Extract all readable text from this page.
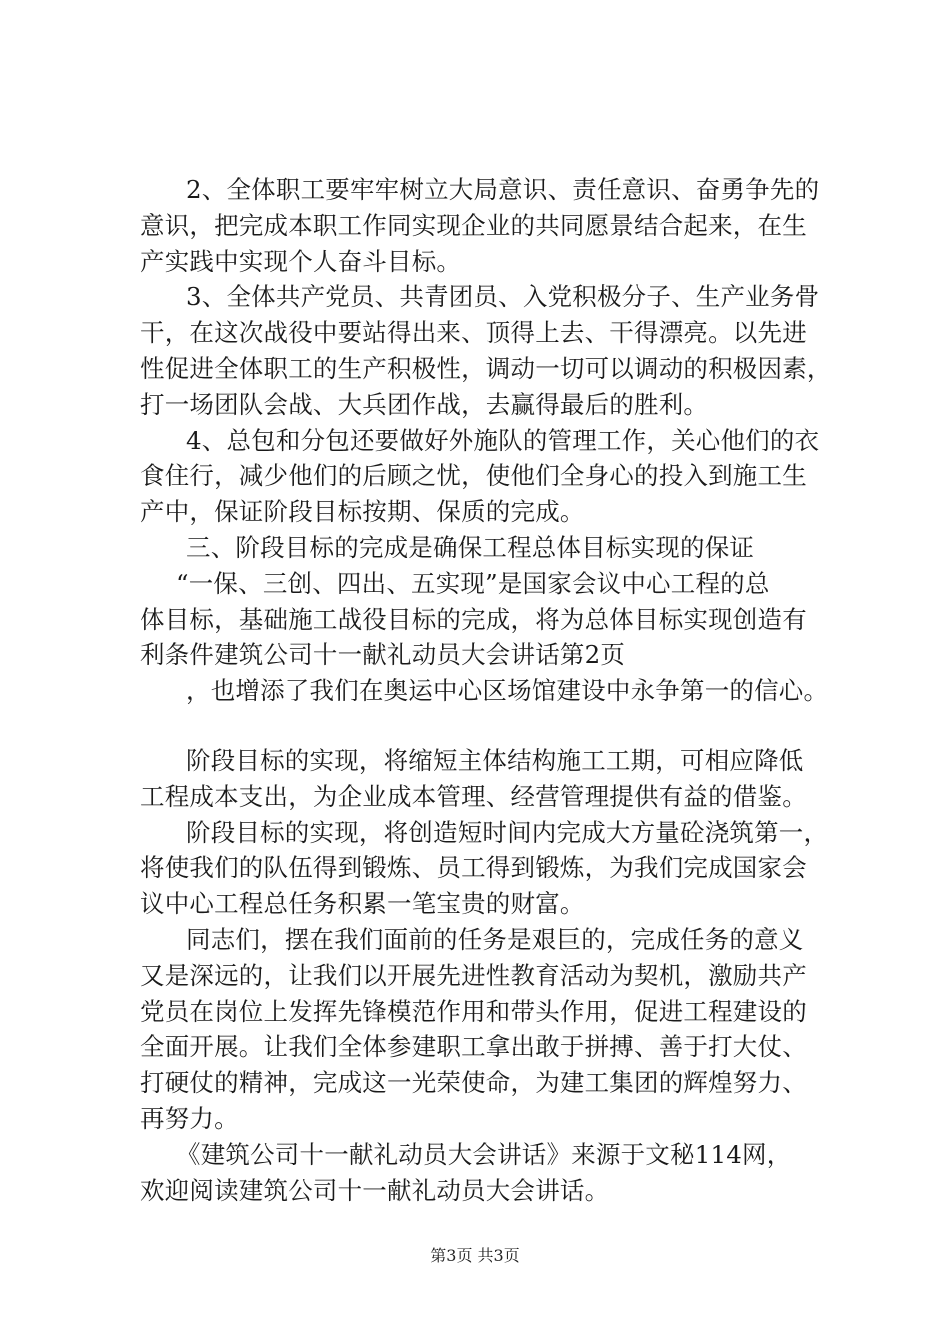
2、全体职工要牢牢树立大局意识、责任意识、奋勇争先的
意识，把完成本职工作同实现企业的共同愿景结合起来，在生
产实践中实现个人奋斗目标。
3、全体共产党员、共青团员、入党积极分子、生产业务骨
干，在这次战役中要站得出来、顶得上去、干得漂亮。以先进
性促进全体职工的生产积极性，调动一切可以调动的积极因素，
打一场团队会战、大兵团作战，去赢得最后的胜利。
4、总包和分包还要做好外施队的管理工作，关心他们的衣
食住行，减少他们的后顾之忧，使他们全身心的投入到施工生
产中，保证阶段目标按期、保质的完成。
三、阶段目标的完成是确保工程总体目标实现的保证
“一保、三创、四出、五实现”是国家会议中心工程的总
体目标，基础施工战役目标的完成，将为总体目标实现创造有
利条件建筑公司十一献礼动员大会讲话第2页
，也增添了我们在奥运中心区场馆建设中永争第一的信心。
阶段目标的实现，将缩短主体结构施工工期，可相应降低
工程成本支出，为企业成本管理、经营管理提供有益的借鉴。
阶段目标的实现，将创造短时间内完成大方量砼浇筑第一，
将使我们的队伍得到锻炼、员工得到锻炼，为我们完成国家会
议中心工程总任务积累一笔宝贵的财富。
同志们，摆在我们面前的任务是艰巨的，完成任务的意义
又是深远的，让我们以开展先进性教育活动为契机，激励共产
党员在岗位上发挥先锋模范作用和带头作用，促进工程建设的
全面开展。让我们全体参建职工拿出敢于拼搏、善于打大仗、
打硬仗的精神，完成这一光荣使命，为建工集团的辉煌努力、
再努力。
《建筑公司十一献礼动员大会讲话》来源于文秘114网，
欢迎阅读建筑公司十一献礼动员大会讲话。
第3页 共3页
